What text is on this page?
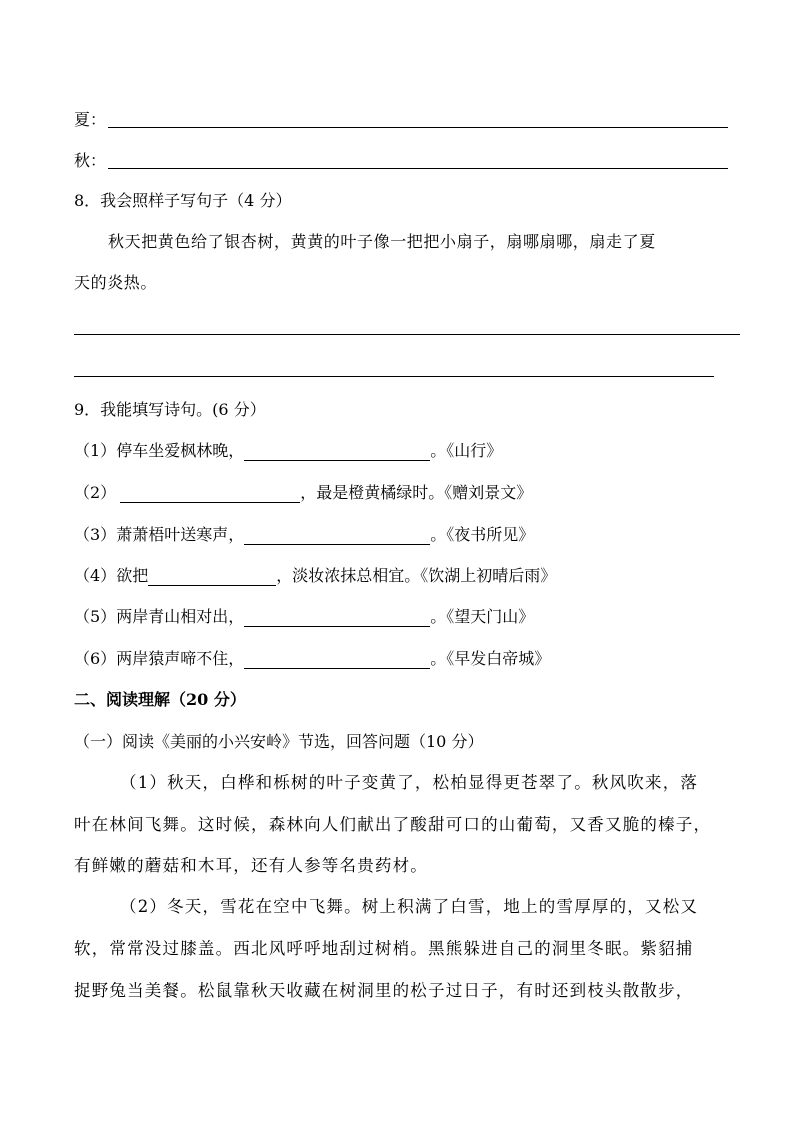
夏：
秋：
8．我会照样子写句子（4 分）
秋天把黄色给了银杏树，黄黄的叶子像一把把小扇子，扇哪扇哪，扇走了夏
天的炎热。
9．我能填写诗句。(6 分）
（1）停车坐爱枫林晚，	。《山行》
（2）	，最是橙黄橘绿时。《赠刘景文》
（3）萧萧梧叶送寒声，	。《夜书所见》
（4）欲把	，淡妆浓抹总相宜。《饮湖上初晴后雨》
（5）两岸青山相对出，	。《望天门山》
（6）两岸猿声啼不住，	。《早发白帝城》
二、阅读理解（20 分）
（一）阅读《美丽的小兴安岭》节选，回答问题（10 分）
（1）秋天，白桦和栎树的叶子变黄了，松柏显得更苍翠了。秋风吹来，落
叶在林间飞舞。这时候，森林向人们献出了酸甜可口的山葡萄，又香又脆的榛子，
有鲜嫩的蘑菇和木耳，还有人参等名贵药材。
（2）冬天，雪花在空中飞舞。树上积满了白雪，地上的雪厚厚的，又松又
软，常常没过膝盖。西北风呼呼地刮过树梢。黑熊躲进自己的洞里冬眠。紫貂捕
捉野兔当美餐。松鼠靠秋天收藏在树洞里的松子过日子，有时还到枝头散散步，
